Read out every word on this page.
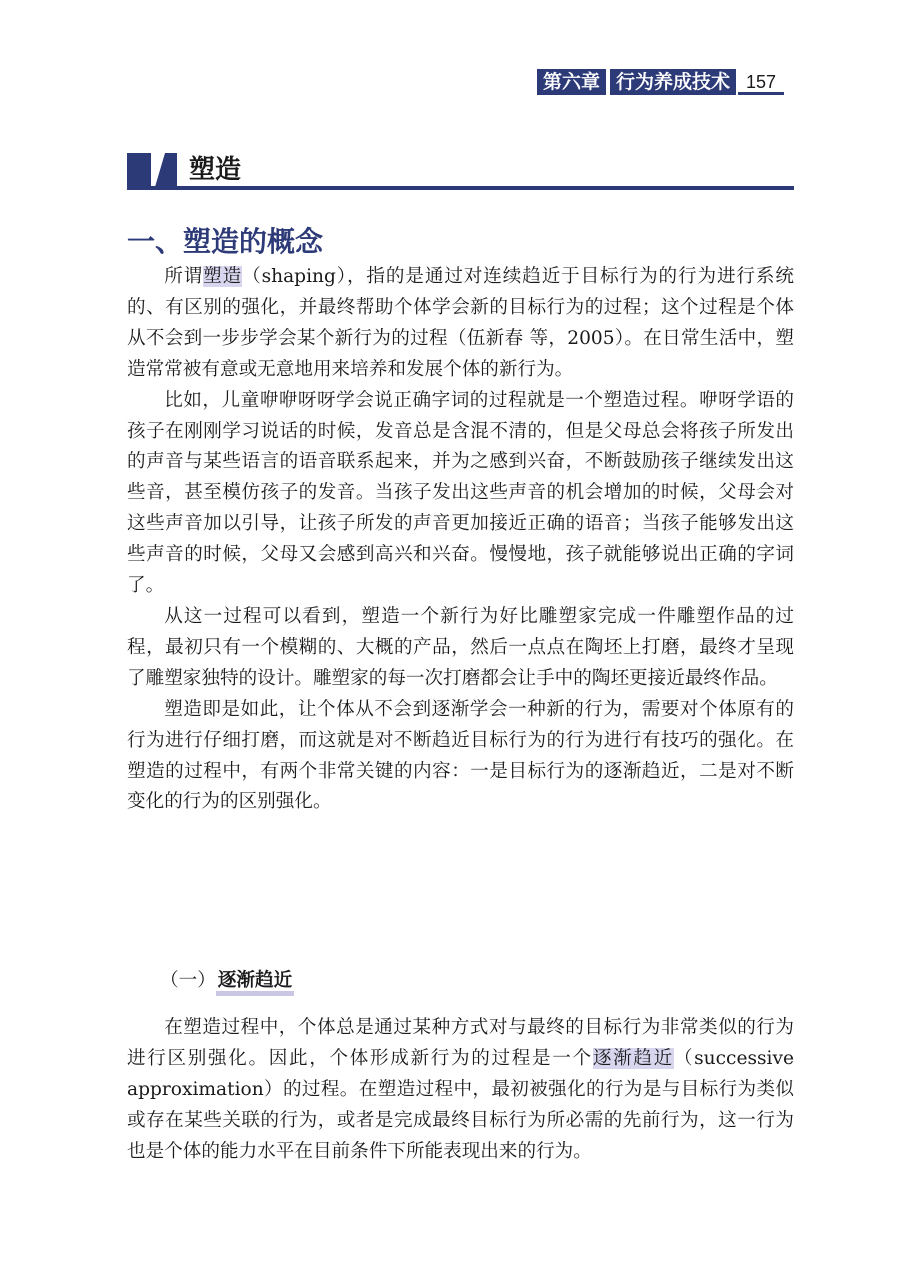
第六章 行为养成技术 157
塑造
一、塑造的概念

所谓塑造（shaping），指的是通过对连续趋近于目标行为的行为进行系统的、有区别的强化，并最终帮助个体学会新的目标行为的过程；这个过程是个体从不会到一步步学会某个新行为的过程（伍新春 等，2005）。在日常生活中，塑造常常被有意或无意地用来培养和发展个体的新行为。

比如，儿童咿咿呀呀学会说正确字词的过程就是一个塑造过程。咿呀学语的孩子在刚刚学习说话的时候，发音总是含混不清的，但是父母总会将孩子所发出的声音与某些语言的语音联系起来，并为之感到兴奋，不断鼓励孩子继续发出这些音，甚至模仿孩子的发音。当孩子发出这些声音的机会增加的时候，父母会对这些声音加以引导，让孩子所发的声音更加接近正确的语音；当孩子能够发出这些声音的时候，父母又会感到高兴和兴奋。慢慢地，孩子就能够说出正确的字词了。

从这一过程可以看到，塑造一个新行为好比雕塑家完成一件雕塑作品的过程，最初只有一个模糊的、大概的产品，然后一点点在陶坯上打磨，最终才呈现了雕塑家独特的设计。雕塑家的每一次打磨都会让手中的陶坯更接近最终作品。

塑造即是如此，让个体从不会到逐渐学会一种新的行为，需要对个体原有的行为进行仔细打磨，而这就是对不断趋近目标行为的行为进行有技巧的强化。在塑造的过程中，有两个非常关键的内容：一是目标行为的逐渐趋近，二是对不断变化的行为的区别强化。

（一） 逐渐趋近

在塑造过程中，个体总是通过某种方式对与最终的目标行为非常类似的行为进行区别强化。因此，个体形成新行为的过程是一个逐渐趋近（successive approximation）的过程。在塑造过程中，最初被强化的行为是与目标行为类似或存在某些关联的行为，或者是完成最终目标行为所必需的先前行为，这一行为也是个体的能力水平在目前条件下所能表现出来的行为。
